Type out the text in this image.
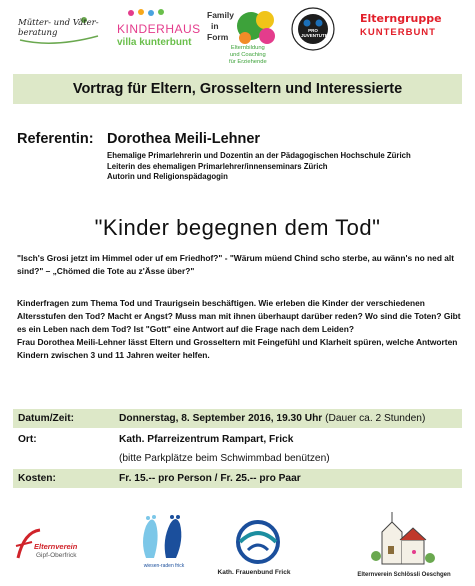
Mütter- und Väter-
beratung	KINDERHAUS
villa kunterbunt
Family
in
Form
Elternbildung
und Coaching
für Erziehende
PRO JUVENTUTE
Elterngruppe
KUNTERBUNT
Vortrag für Eltern, Grosseltern und Interessierte
Referentin: Dorothea Meili-Lehner
Ehemalige Primarlehrerin und Dozentin an der Pädagogischen Hochschule Zürich
Leiterin des ehemaligen Primarlehrer/innenseminars Zürich
Autorin und Religionspädagogin
"Kinder begegnen dem Tod"
"Isch's Grosi jetzt im Himmel oder uf em Friedhof?" - "Wärum müend Chind scho sterbe, au wänn's no ned alt sind?" – „Chömed die Tote au z'Ässe über?"
Kinderfragen zum Thema Tod und Traurigsein beschäftigen. Wie erleben die Kinder der verschiedenen Altersstufen den Tod? Macht er Angst? Muss man mit ihnen überhaupt darüber reden? Wo sind die Toten? Gibt es ein Leben nach dem Tod? Ist "Gott" eine Antwort auf die Frage nach dem Leiden?
Frau Dorothea Meili-Lehner lässt Eltern und Grosseltern mit Feingefühl und Klarheit spüren, welche Antworten Kindern zwischen 3 und 11 Jahren weiter helfen.
Datum/Zeit:	Donnerstag, 8. September 2016, 19.30 Uhr (Dauer ca. 2 Stunden)
Ort:	Kath. Pfarreizentrum Rampart, Frick
(bitte Parkplätze beim Schwimmbad benützen)
Kosten:	Fr. 15.-- pro Person / Fr. 25.-- pro Paar
Elternverein
Gipf-Oberfrick
wiesen-raden frick
Kath. Frauenbund Frick	Elternverein Schlössli Oeschgen
